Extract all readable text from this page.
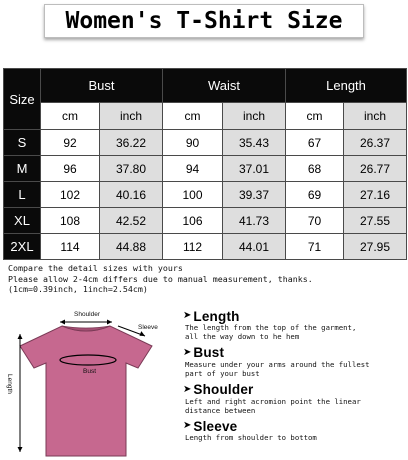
Women's T-Shirt Size
Size	Bust		Waist		Length	
	cm	inch	cm	inch	cm	inch
S	92	36.22	90	35.43	67	26.37
M	96	37.80	94	37.01	68	26.77
L	102	40.16	100	39.37	69	27.16
XL	108	42.52	106	41.73	70	27.55
2XL	114	44.88	112	44.01	71	27.95
Compare the detail sizes with yours
Please allow 2-4cm differs due to manual measurement, thanks.
(1cm=0.39inch, 1inch=2.54cm)
Shoulder
Sleeve
Bust
Length
➤ Length
The length from the top of the garment,
all the way down to he hem
➤ Bust
Measure under your arms around the fullest
part of your bust
➤ Shoulder
Left and right acromion point the linear
distance between
➤ Sleeve
Length from shoulder to bottom
